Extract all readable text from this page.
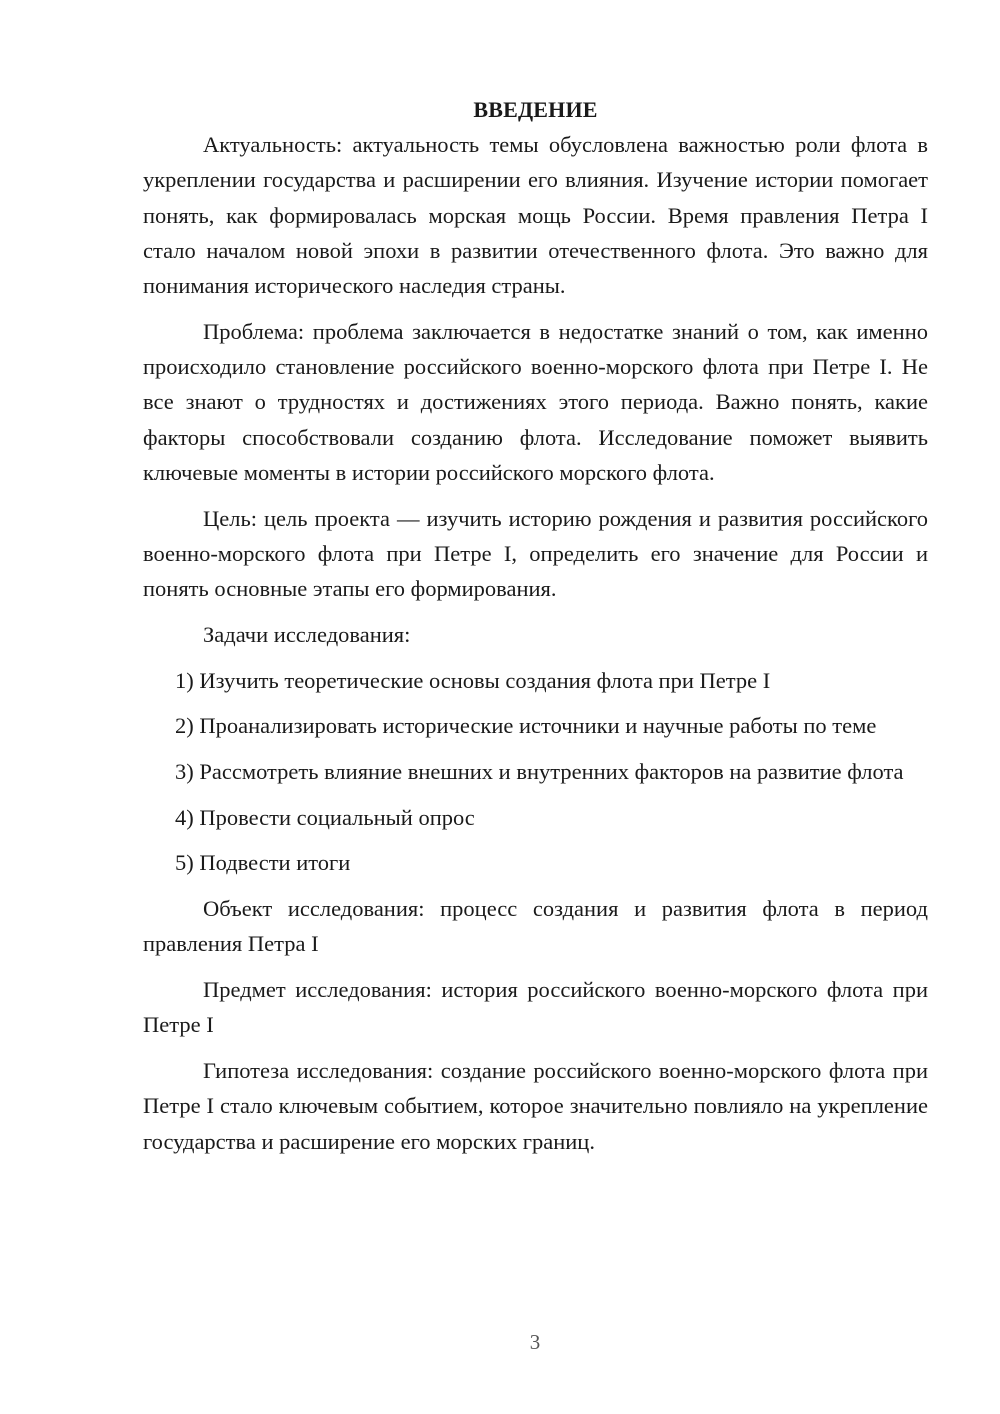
ВВЕДЕНИЕ

Актуальность: актуальность темы обусловлена важностью роли флота в укреплении государства и расширении его влияния. Изучение истории помогает понять, как формировалась морская мощь России. Время правления Петра I стало началом новой эпохи в развитии отечественного флота. Это важно для понимания исторического наследия страны.

Проблема: проблема заключается в недостатке знаний о том, как именно происходило становление российского военно-морского флота при Петре I. Не все знают о трудностях и достижениях этого периода. Важно понять, какие факторы способствовали созданию флота. Исследование поможет выявить ключевые моменты в истории российского морского флота.

Цель: цель проекта — изучить историю рождения и развития российского военно-морского флота при Петре I, определить его значение для России и понять основные этапы его формирования.

Задачи исследования:

1) Изучить теоретические основы создания флота при Петре I

2) Проанализировать исторические источники и научные работы по теме

3) Рассмотреть влияние внешних и внутренних факторов на развитие флота

4) Провести социальный опрос

5) Подвести итоги

Объект исследования: процесс создания и развития флота в период правления Петра I

Предмет исследования: история российского военно-морского флота при Петре I

Гипотеза исследования: создание российского военно-морского флота при Петре I стало ключевым событием, которое значительно повлияло на укрепление государства и расширение его морских границ.

3
